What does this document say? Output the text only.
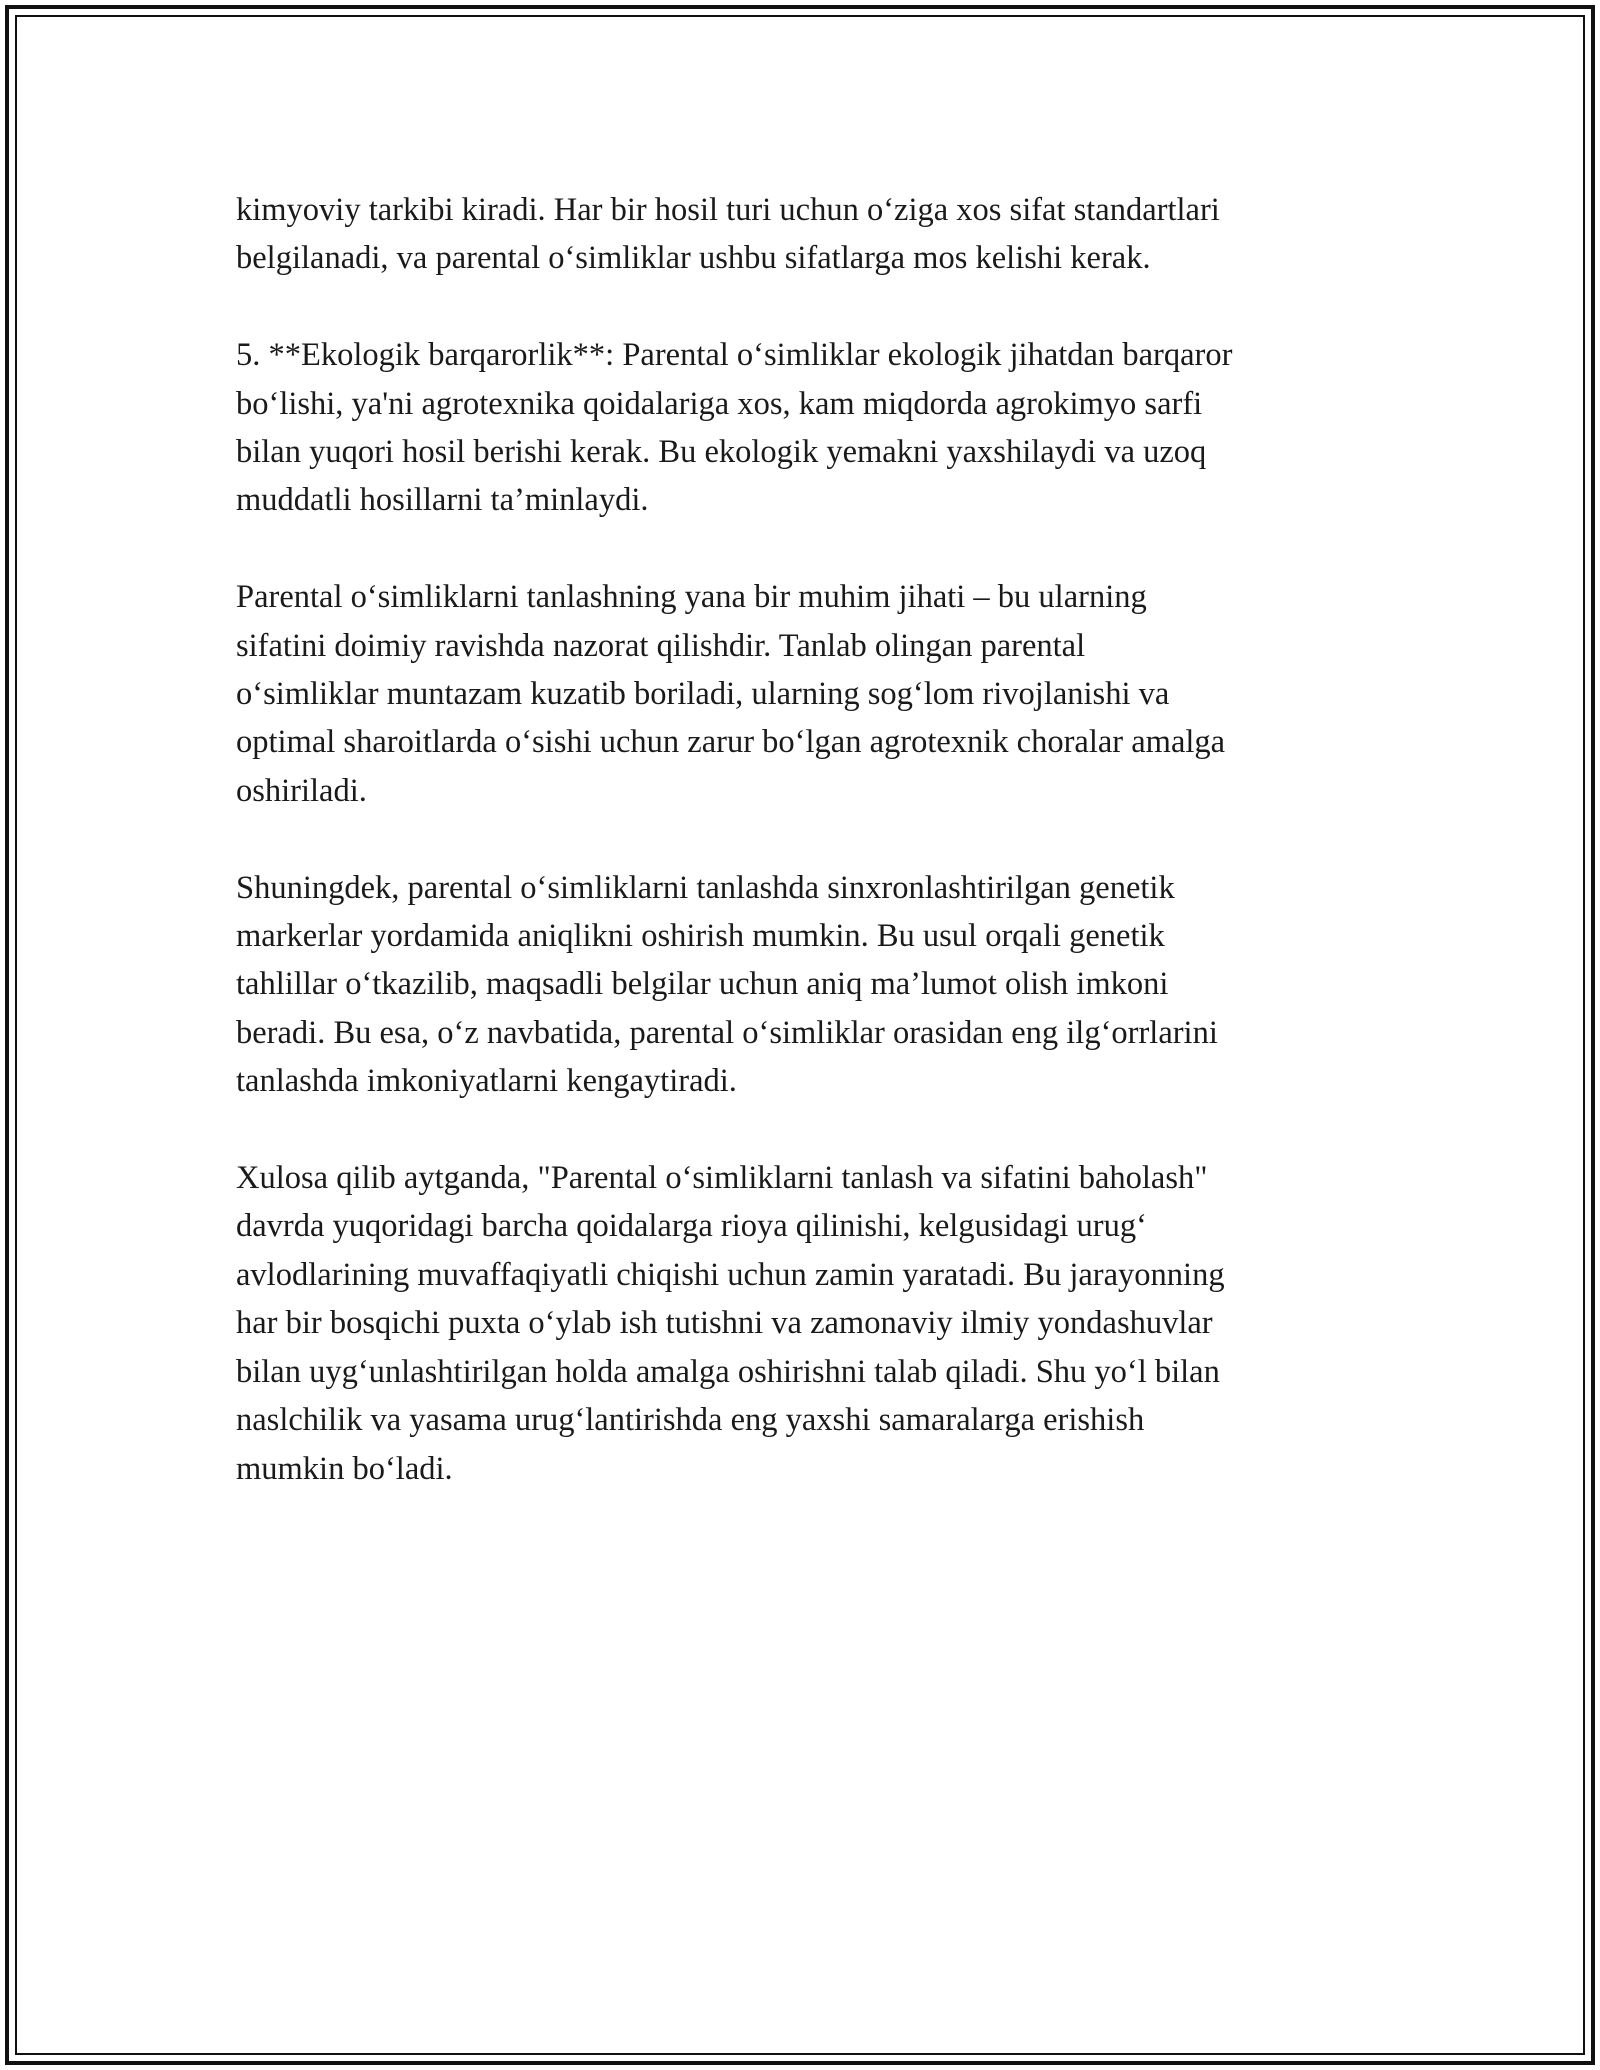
kimyoviy tarkibi kiradi. Har bir hosil turi uchun o‘ziga xos sifat standartlari
belgilanadi, va parental o‘simliklar ushbu sifatlarga mos kelishi kerak.

5. **Ekologik barqarorlik**: Parental o‘simliklar ekologik jihatdan barqaror
bo‘lishi, ya'ni agrotexnika qoidalariga xos, kam miqdorda agrokimyo sarfi
bilan yuqori hosil berishi kerak. Bu ekologik yemakni yaxshilaydi va uzoq
muddatli hosillarni ta’minlaydi.

Parental o‘simliklarni tanlashning yana bir muhim jihati – bu ularning
sifatini doimiy ravishda nazorat qilishdir. Tanlab olingan parental
o‘simliklar muntazam kuzatib boriladi, ularning sog‘lom rivojlanishi va
optimal sharoitlarda o‘sishi uchun zarur bo‘lgan agrotexnik choralar amalga
oshiriladi.

Shuningdek, parental o‘simliklarni tanlashda sinxronlashtirilgan genetik
markerlar yordamida aniqlikni oshirish mumkin. Bu usul orqali genetik
tahlillar o‘tkazilib, maqsadli belgilar uchun aniq ma’lumot olish imkoni
beradi. Bu esa, o‘z navbatida, parental o‘simliklar orasidan eng ilg‘orrlarini
tanlashda imkoniyatlarni kengaytiradi.

Xulosa qilib aytganda, "Parental o‘simliklarni tanlash va sifatini baholash"
davrda yuqoridagi barcha qoidalarga rioya qilinishi, kelgusidagi urug‘
avlodlarining muvaffaqiyatli chiqishi uchun zamin yaratadi. Bu jarayonning
har bir bosqichi puxta o‘ylab ish tutishni va zamonaviy ilmiy yondashuvlar
bilan uyg‘unlashtirilgan holda amalga oshirishni talab qiladi. Shu yo‘l bilan
naslchilik va yasama urug‘lantirishda eng yaxshi samaralarga erishish
mumkin bo‘ladi.
